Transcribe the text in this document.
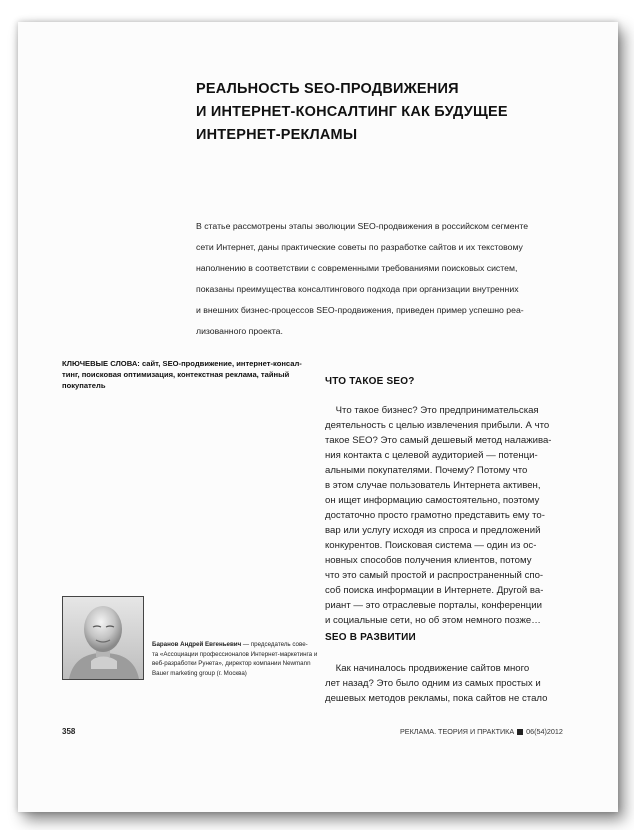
РЕАЛЬНОСТЬ SEO-ПРОДВИЖЕНИЯ
И ИНТЕРНЕТ-КОНСАЛТИНГ КАК БУДУЩЕЕ
ИНТЕРНЕТ-РЕКЛАМЫ
В статье рассмотрены этапы эволюции SEO-продвижения в российском сегменте
сети Интернет, даны практические советы по разработке сайтов и их текстовому
наполнению в соответствии с современными требованиями поисковых систем,
показаны преимущества консалтингового подхода при организации внутренних
и внешних бизнес-процессов SEO-продвижения, приведен пример успешно реа-
лизованного проекта.
КЛЮЧЕВЫЕ СЛОВА: сайт, SEO-продвижение, интернет-консал-
тинг, поисковая оптимизация, контекстная реклама, тайный
покупатель	ЧТО ТАКОЕ SEO?
Что такое бизнес? Это предпринимательская
деятельность с целью извлечения прибыли. А что
такое SEO? Это самый дешевый метод налажива-
ния контакта с целевой аудиторией — потенци-
альными покупателями. Почему? Потому что
в этом случае пользователь Интернета активен,
он ищет информацию самостоятельно, поэтому
достаточно просто грамотно представить ему то-
вар или услугу исходя из спроса и предложений
конкурентов. Поисковая система — один из ос-
новных способов получения клиентов, потому
что это самый простой и распространенный спо-
соб поиска информации в Интернете. Другой ва-
риант — это отраслевые порталы, конференции
и социальные сети, но об этом немного позже…
SEO В РАЗВИТИИ
Как начиналось продвижение сайтов много
лет назад? Это было одним из самых простых и
дешевых методов рекламы, пока сайтов не стало
Баранов Андрей Евгеньевич — председатель сове-
та «Ассоциации профессионалов Интернет-маркетинга и
веб-разработки Рунета», директор компании Newmann
Bauer marketing group (г. Москва)
358	РЕКЛАМА. ТЕОРИЯ И ПРАКТИКА 06(54)2012
